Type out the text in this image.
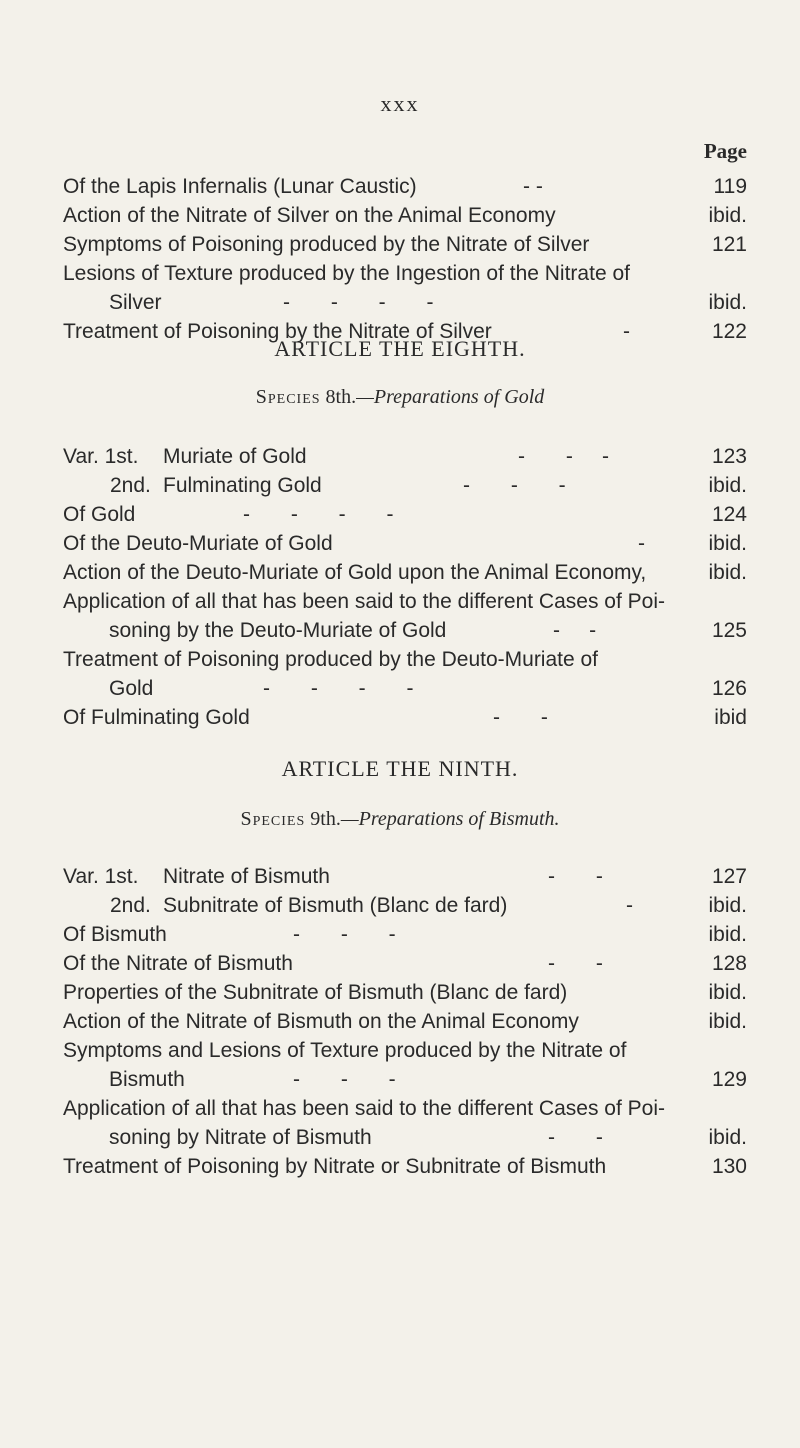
xxx
Page
Of the Lapis Infernalis (Lunar Caustic)	- -	119
Action of the Nitrate of Silver on the Animal Economy	ibid.
Symptoms of Poisoning produced by the Nitrate of Silver	121
Lesions of Texture produced by the Ingestion of the Nitrate of
Silver	-       -       -       -	ibid.
Treatment of Poisoning by the Nitrate of Silver	-	122
ARTICLE THE EIGHTH.
Species 8th.—Preparations of Gold
Var. 1st. Muriate of Gold	-       -     -	123
2nd. Fulminating Gold	-       -       -	ibid.
Of Gold	-       -       -       -	124
Of the Deuto-Muriate of Gold	-	ibid.
Action of the Deuto-Muriate of Gold upon the Animal Economy,	ibid.
Application of all that has been said to the different Cases of Poi-
soning by the Deuto-Muriate of Gold	-     -	125
Treatment of Poisoning produced by the Deuto-Muriate of
Gold	-       -       -       -	126
Of Fulminating Gold	-       -	ibid
ARTICLE THE NINTH.
Species 9th.—Preparations of Bismuth.
Var. 1st. Nitrate of Bismuth	-       -	127
2nd. Subnitrate of Bismuth (Blanc de fard)	-	ibid.
Of Bismuth	-       -       -	ibid.
Of the Nitrate of Bismuth	-       -	128
Properties of the Subnitrate of Bismuth (Blanc de fard)	ibid.
Action of the Nitrate of Bismuth on the Animal Economy	ibid.
Symptoms and Lesions of Texture produced by the Nitrate of
Bismuth	-       -       -	129
Application of all that has been said to the different Cases of Poi-
soning by Nitrate of Bismuth	-       -	ibid.
Treatment of Poisoning by Nitrate or Subnitrate of Bismuth	130
